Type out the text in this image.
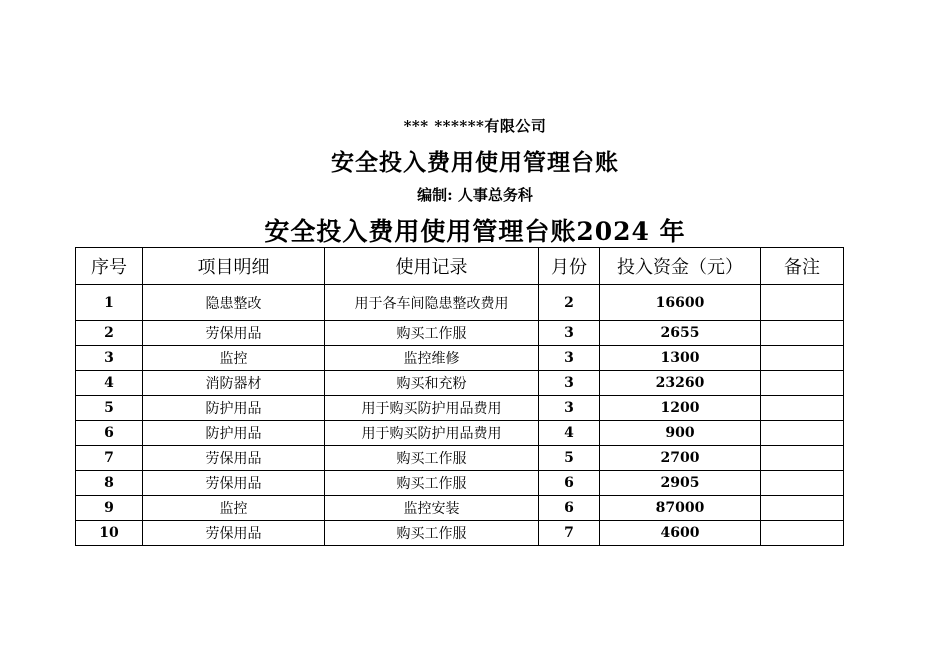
*** ******有限公司
安全投入费用使用管理台账
编制: 人事总务科
安全投入费用使用管理台账2024 年
序号	项目明细	使用记录	月份	投入资金（元）	备注
1	隐患整改	用于各车间隐患整改费用	2	16600	
2	劳保用品	购买工作服	3	2655	
3	监控	监控维修	3	1300	
4	消防器材	购买和充粉	3	23260	
5	防护用品	用于购买防护用品费用	3	1200	
6	防护用品	用于购买防护用品费用	4	900	
7	劳保用品	购买工作服	5	2700	
8	劳保用品	购买工作服	6	2905	
9	监控	监控安装	6	87000	
10	劳保用品	购买工作服	7	4600	
